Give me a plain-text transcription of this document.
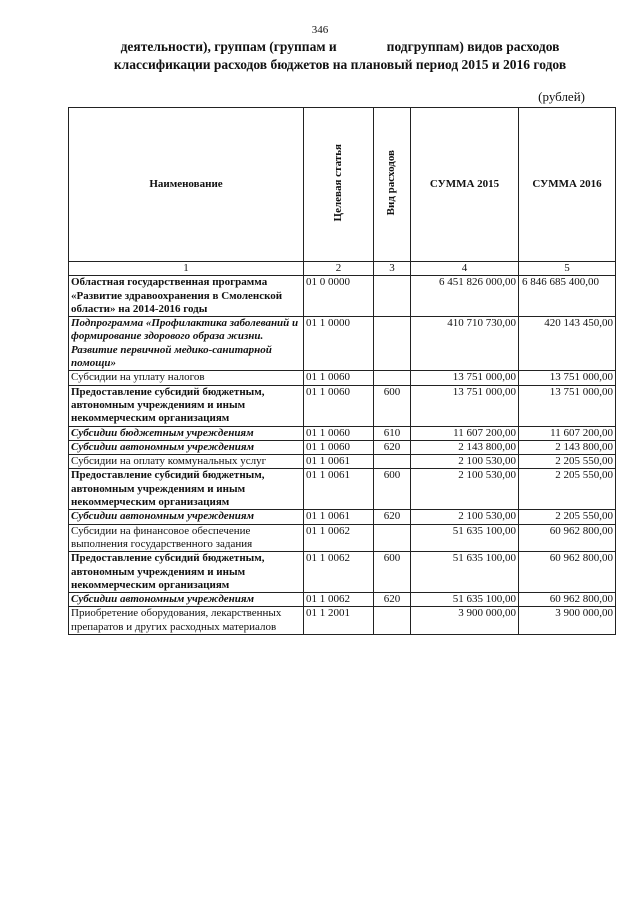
346
деятельности), группам (группам и	подгруппам) видов расходов
классификации расходов бюджетов на плановый период 2015 и 2016 годов
(рублей)
Наименование	Целевая статья	Вид расходов	СУММА 2015	СУММА 2016
1	2	3	4	5
Областная государственная программа «Развитие здравоохранения в Смоленской области» на 2014-2016 годы	01 0 0000		6 451 826 000,00	6 846 685 400,00
Подпрограмма «Профилактика заболеваний и формирование здорового образа жизни. Развитие первичной медико-санитарной помощи»	01 1 0000		410 710 730,00	420 143 450,00
Субсидии на уплату налогов	01 1 0060		13 751 000,00	13 751 000,00
Предоставление субсидий бюджетным, автономным учреждениям и иным некоммерческим организациям	01 1 0060	600	13 751 000,00	13 751 000,00
Субсидии бюджетным учреждениям	01 1 0060	610	11 607 200,00	11 607 200,00
Субсидии автономным учреждениям	01 1 0060	620	2 143 800,00	2 143 800,00
Субсидии на оплату коммунальных услуг	01 1 0061		2 100 530,00	2 205 550,00
Предоставление субсидий бюджетным, автономным учреждениям и иным некоммерческим организациям	01 1 0061	600	2 100 530,00	2 205 550,00
Субсидии автономным учреждениям	01 1 0061	620	2 100 530,00	2 205 550,00
Субсидии на финансовое обеспечение выполнения государственного задания	01 1 0062		51 635 100,00	60 962 800,00
Предоставление субсидий бюджетным, автономным учреждениям и иным некоммерческим организациям	01 1 0062	600	51 635 100,00	60 962 800,00
Субсидии автономным учреждениям	01 1 0062	620	51 635 100,00	60 962 800,00
Приобретение оборудования, лекарственных препаратов и других расходных материалов	01 1 2001		3 900 000,00	3 900 000,00
